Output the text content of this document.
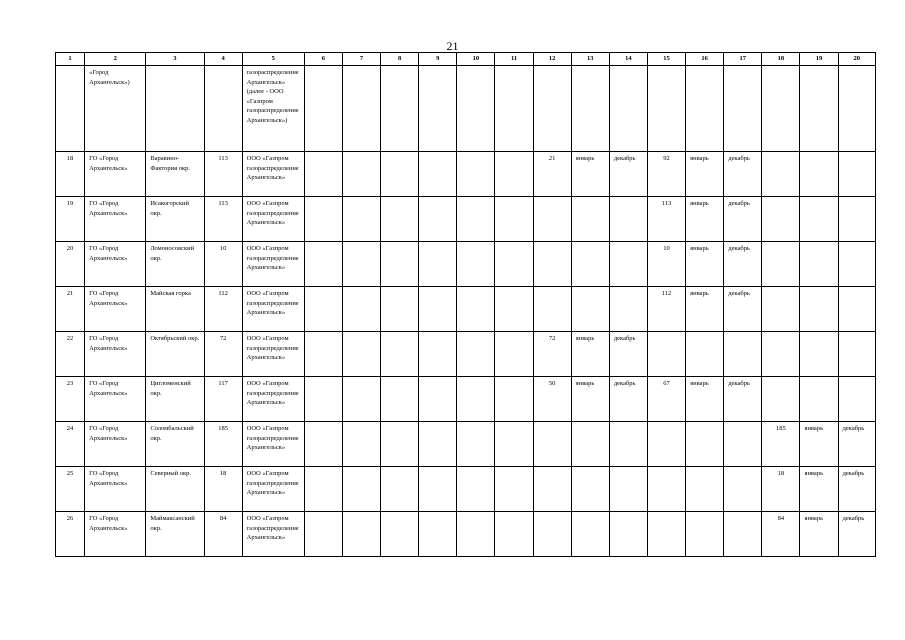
21
1	2	3	4	5	6	7	8	9	10	11	12	13	14	15	16	17	18	19	20
	«Город Архангельск»)			газораспределение Архангельск» (далее - ООО «Газпром газораспределение Архангельск»)															
18	ГО «Город Архангельск»	Варавино-Фактория окр.	113	ООО «Газпром газораспределение Архангельск»							21	январь	декабрь	92	январь	декабрь			
19	ГО «Город Архангельск»	Исакогорский окр.	113	ООО «Газпром газораспределение Архангельск»										113	январь	декабрь			
20	ГО «Город Архангельск»	Ломоносовский окр.	10	ООО «Газпром газораспределение Архангельск»										10	январь	декабрь			
21	ГО «Город Архангельск»	Майская горка	112	ООО «Газпром газораспределение Архангельск»										112	январь	декабрь			
22	ГО «Город Архангельск»	Октябрьский окр.	72	ООО «Газпром газораспределение Архангельск»							72	январь	декабрь						
23	ГО «Город Архангельск»	Цигломенский окр.	117	ООО «Газпром газораспределение Архангельск»							50	январь	декабрь	67	январь	декабрь			
24	ГО «Город Архангельск»	Соломбальский окр.	185	ООО «Газпром газораспределение Архангельск»													185	январь	декабрь
25	ГО «Город Архангельск»	Северный окр.	18	ООО «Газпром газораспределение Архангельск»													18	январь	декабрь
26	ГО «Город Архангельск»	Маймаксанский окр.	84	ООО «Газпром газораспределение Архангельск»													84	январь	декабрь
